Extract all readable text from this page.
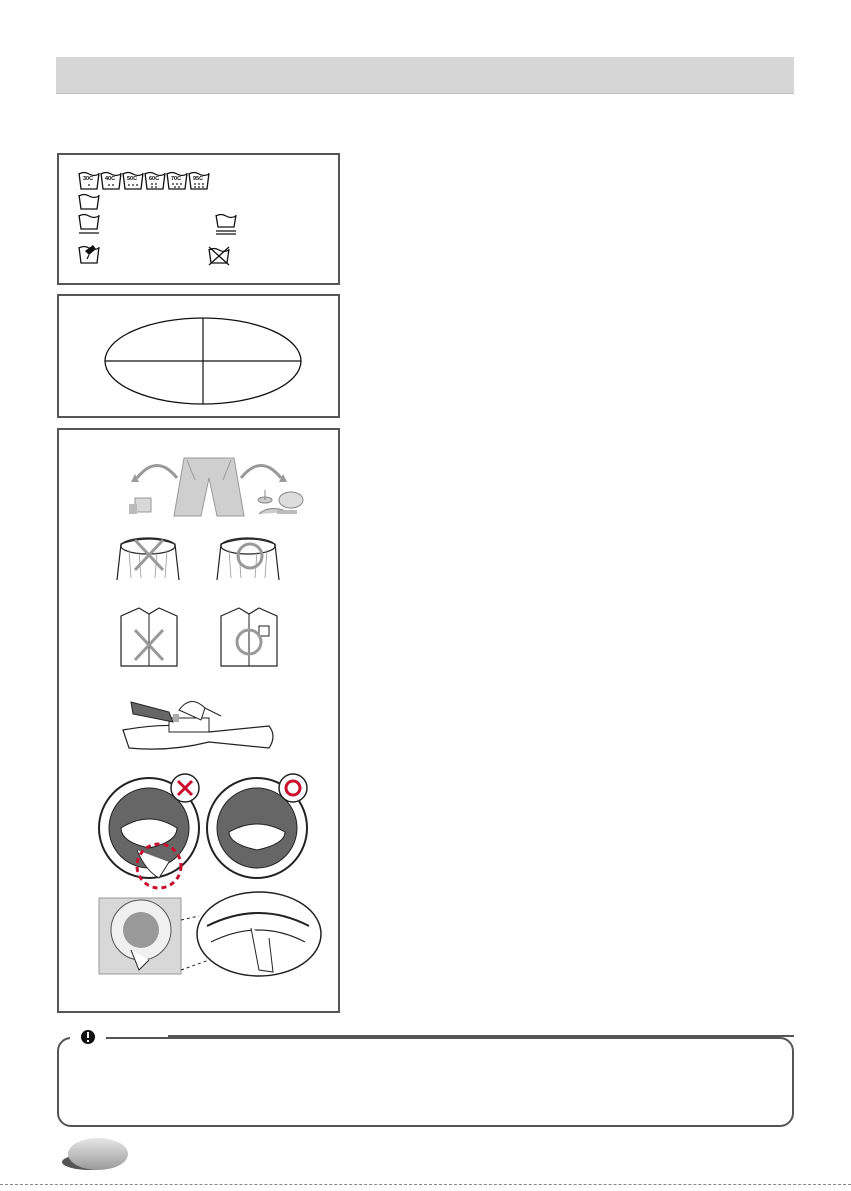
30C 40C 50C 60C 70C 95C
